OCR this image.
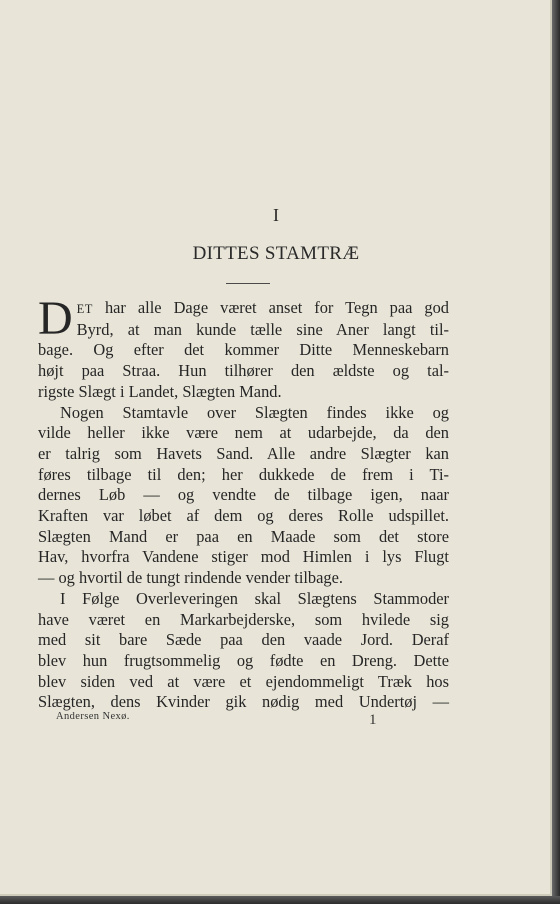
I
DITTES STAMTRÆ
D ET har alle Dage været anset for Tegn paa god
Byrd, at man kunde tælle sine Aner langt til-
bage. Og efter det kommer Ditte Menneskebarn
højt paa Straa. Hun tilhører den ældste og tal-
rigste Slægt i Landet, Slægten Mand.
Nogen Stamtavle over Slægten findes ikke og
vilde heller ikke være nem at udarbejde, da den
er talrig som Havets Sand. Alle andre Slægter kan
føres tilbage til den; her dukkede de frem i Ti-
dernes Løb — og vendte de tilbage igen, naar
Kraften var løbet af dem og deres Rolle udspillet.
Slægten Mand er paa en Maade som det store
Hav, hvorfra Vandene stiger mod Himlen i lys Flugt
— og hvortil de tungt rindende vender tilbage.
I Følge Overleveringen skal Slægtens Stammoder
have været en Markarbejderske, som hvilede sig
med sit bare Sæde paa den vaade Jord. Deraf
blev hun frugtsommelig og fødte en Dreng. Dette
blev siden ved at være et ejendommeligt Træk hos
Slægten, dens Kvinder gik nødig med Undertøj —
Andersen Nexø.	1
